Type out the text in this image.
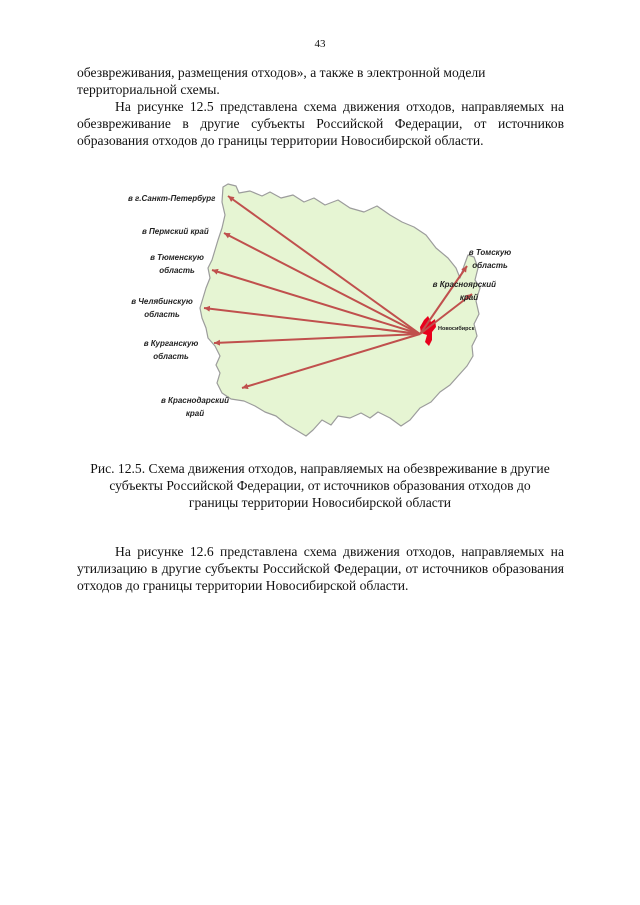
43
обезвреживания, размещения отходов», а также в электронной модели
территориальной схемы.

На рисунке 12.5 представлена схема движения отходов, направляемых на обезвреживание в другие субъекты Российской Федерации, от источников образования отходов до границы территории Новосибирской области.

Новосибирск
в г.Санкт-Петербург
в Пермский край
в Тюменскую
область
в Челябинскую
область
в Курганскую
область
в Краснодарский
край
в Томскую
область
в Красноярский
край
Рис. 12.5. Схема движения отходов, направляемых на обезвреживание в другие
субъекты Российской Федерации, от источников образования отходов до
границы территории Новосибирской области

На рисунке 12.6 представлена схема движения отходов, направляемых на утилизацию в другие субъекты Российской Федерации, от источников образования отходов до границы территории Новосибирской области.
